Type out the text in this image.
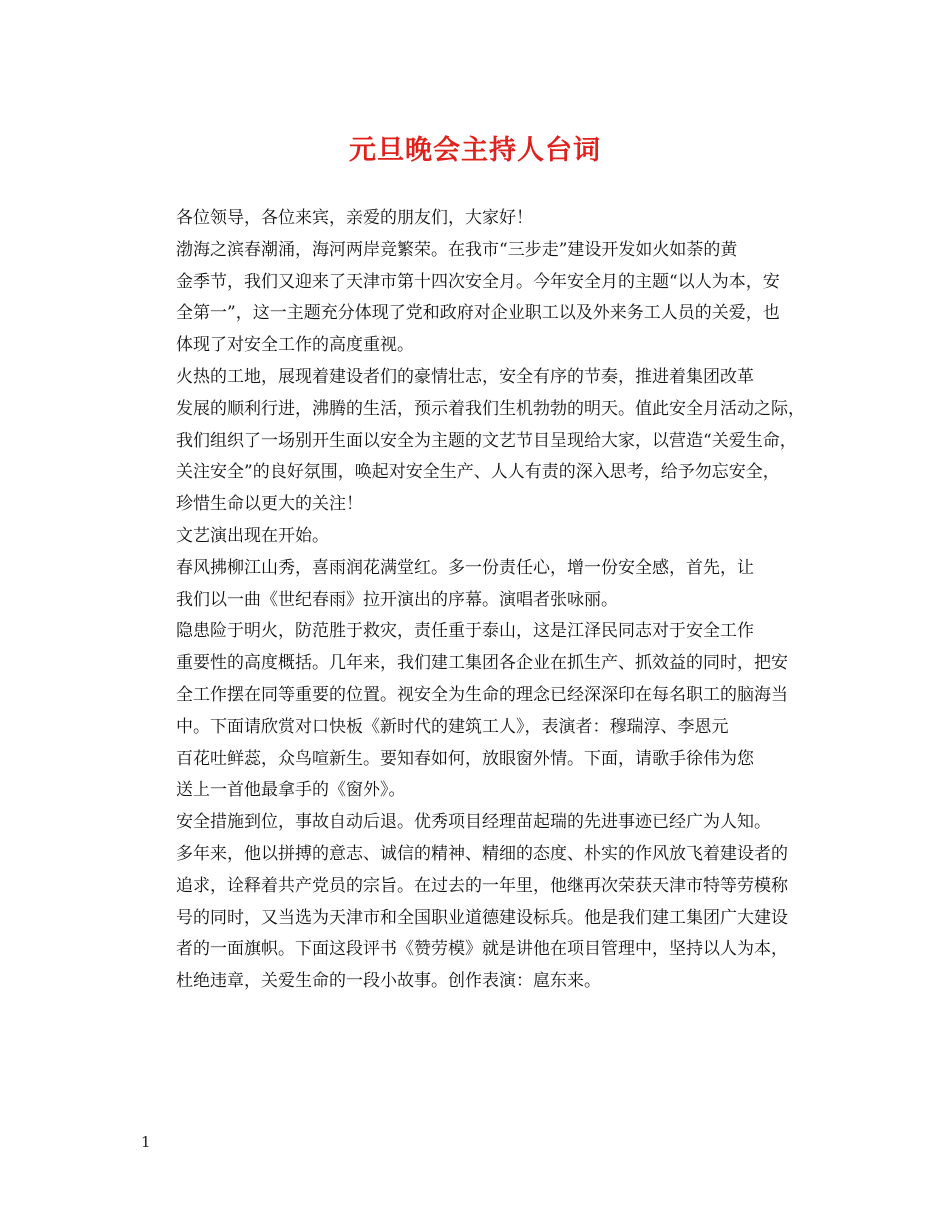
元旦晚会主持人台词
各位领导，各位来宾，亲爱的朋友们，大家好！
渤海之滨春潮涌，海河两岸竞繁荣。在我市“三步走”建设开发如火如荼的黄
金季节，我们又迎来了天津市第十四次安全月。今年安全月的主题“以人为本，安
全第一”，这一主题充分体现了党和政府对企业职工以及外来务工人员的关爱，也
体现了对安全工作的高度重视。
火热的工地，展现着建设者们的豪情壮志，安全有序的节奏，推进着集团改革
发展的顺利行进，沸腾的生活，预示着我们生机勃勃的明天。值此安全月活动之际，
我们组织了一场别开生面以安全为主题的文艺节目呈现给大家，以营造“关爱生命，
关注安全”的良好氛围，唤起对安全生产、人人有责的深入思考，给予勿忘安全，
珍惜生命以更大的关注！
文艺演出现在开始。
春风拂柳江山秀，喜雨润花满堂红。多一份责任心，增一份安全感，首先，让
我们以一曲《世纪春雨》拉开演出的序幕。演唱者张咏丽。
隐患险于明火，防范胜于救灾，责任重于泰山，这是江泽民同志对于安全工作
重要性的高度概括。几年来，我们建工集团各企业在抓生产、抓效益的同时，把安
全工作摆在同等重要的位置。视安全为生命的理念已经深深印在每名职工的脑海当
中。下面请欣赏对口快板《新时代的建筑工人》，表演者：穆瑞淳、李恩元
百花吐鲜蕊，众鸟喧新生。要知春如何，放眼窗外情。下面，请歌手徐伟为您
送上一首他最拿手的《窗外》。
安全措施到位，事故自动后退。优秀项目经理苗起瑞的先进事迹已经广为人知。
多年来，他以拼搏的意志、诚信的精神、精细的态度、朴实的作风放飞着建设者的
追求，诠释着共产党员的宗旨。在过去的一年里，他继再次荣获天津市特等劳模称
号的同时，又当选为天津市和全国职业道德建设标兵。他是我们建工集团广大建设
者的一面旗帜。下面这段评书《赞劳模》就是讲他在项目管理中，坚持以人为本，
杜绝违章，关爱生命的一段小故事。创作表演：扈东来。
1
